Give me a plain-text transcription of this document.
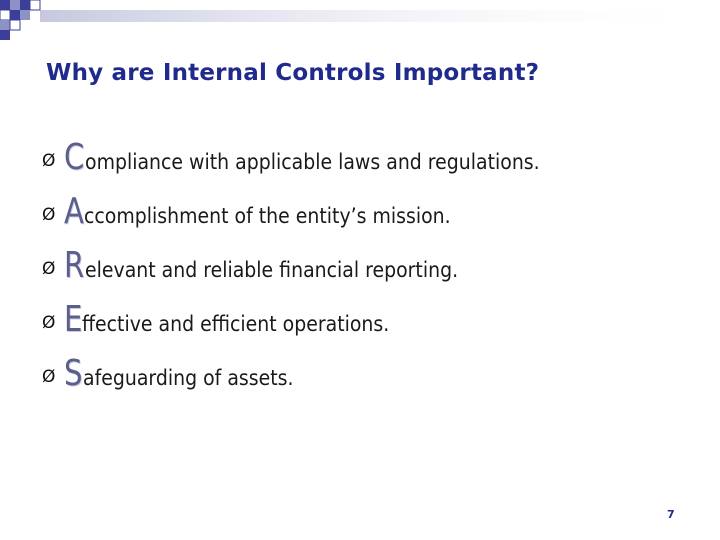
Why are Internal Controls Important?
Ø C ompliance with applicable laws and regulations.
Ø A ccomplishment of the entity’s mission.
Ø R elevant and reliable financial reporting.
Ø E ffective and efficient operations.
Ø S afeguarding of assets.
7
